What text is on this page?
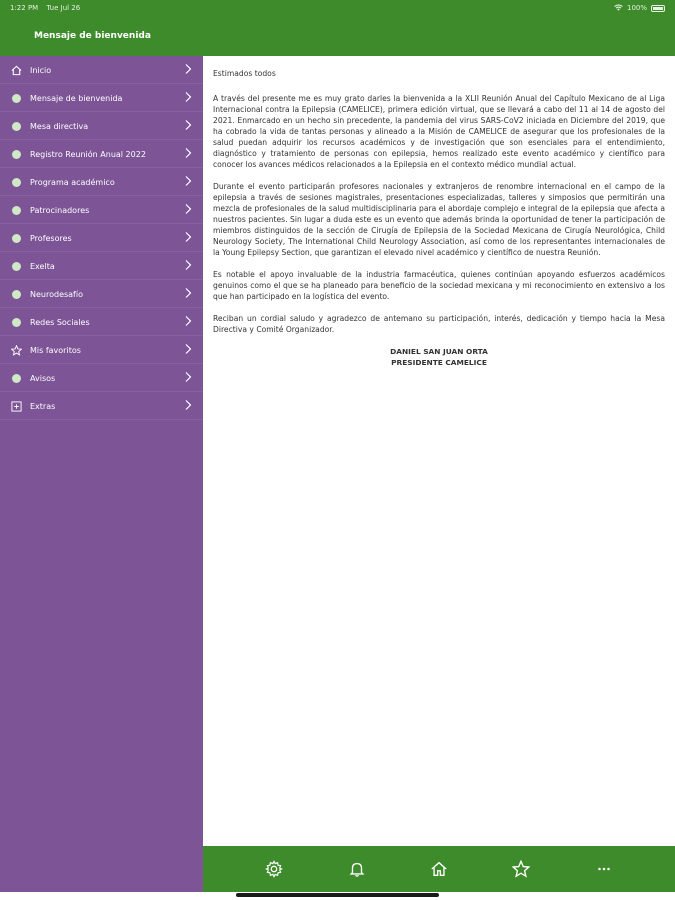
1:22 PM Tue Jul 26	100%
Mensaje de bienvenida
Inicio
Mensaje de bienvenida
Mesa directiva
Registro Reunión Anual 2022
Programa académico
Patrocinadores
Profesores
Exelta
Neurodesafío
Redes Sociales
Mis favoritos
Avisos
Extras

Estimados todos

A través del presente me es muy grato darles la bienvenida a la XLII Reunión Anual del Capítulo Mexicano de al Liga Internacional contra la Epilepsia (CAMELICE), primera edición virtual, que se llevará a cabo del 11 al 14 de agosto del 2021. Enmarcado en un hecho sin precedente, la pandemia del virus SARS-CoV2 iniciada en Diciembre del 2019, que ha cobrado la vida de tantas personas y alineado a la Misión de CAMELICE de asegurar que los profesionales de la salud puedan adquirir los recursos académicos y de investigación que son esenciales para el entendimiento, diagnóstico y tratamiento de personas con epilepsia, hemos realizado este evento académico y científico para conocer los avances médicos relacionados a la Epilepsia en el contexto médico mundial actual.

Durante el evento participarán profesores nacionales y extranjeros de renombre internacional en el campo de la epilepsia a través de sesiones magistrales, presentaciones especializadas, talleres y simposios que permitirán una mezcla de profesionales de la salud multidisciplinaria para el abordaje complejo e integral de la epilepsia que afecta a nuestros pacientes. Sin lugar a duda este es un evento que además brinda la oportunidad de tener la participación de miembros distinguidos de la sección de Cirugía de Epilepsia de la Sociedad Mexicana de Cirugía Neurológica, Child Neurology Society, The International Child Neurology Association, así como de los representantes internacionales de la Young Epilepsy Section, que garantizan el elevado nivel académico y científico de nuestra Reunión.

Es notable el apoyo invaluable de la industria farmacéutica, quienes continúan apoyando esfuerzos académicos genuinos como el que se ha planeado para beneficio de la sociedad mexicana y mi reconocimiento en extensivo a los que han participado en la logística del evento.

Reciban un cordial saludo y agradezco de antemano su participación, interés, dedicación y tiempo hacia la Mesa Directiva y Comité Organizador.

DANIEL SAN JUAN ORTA
PRESIDENTE CAMELICE
